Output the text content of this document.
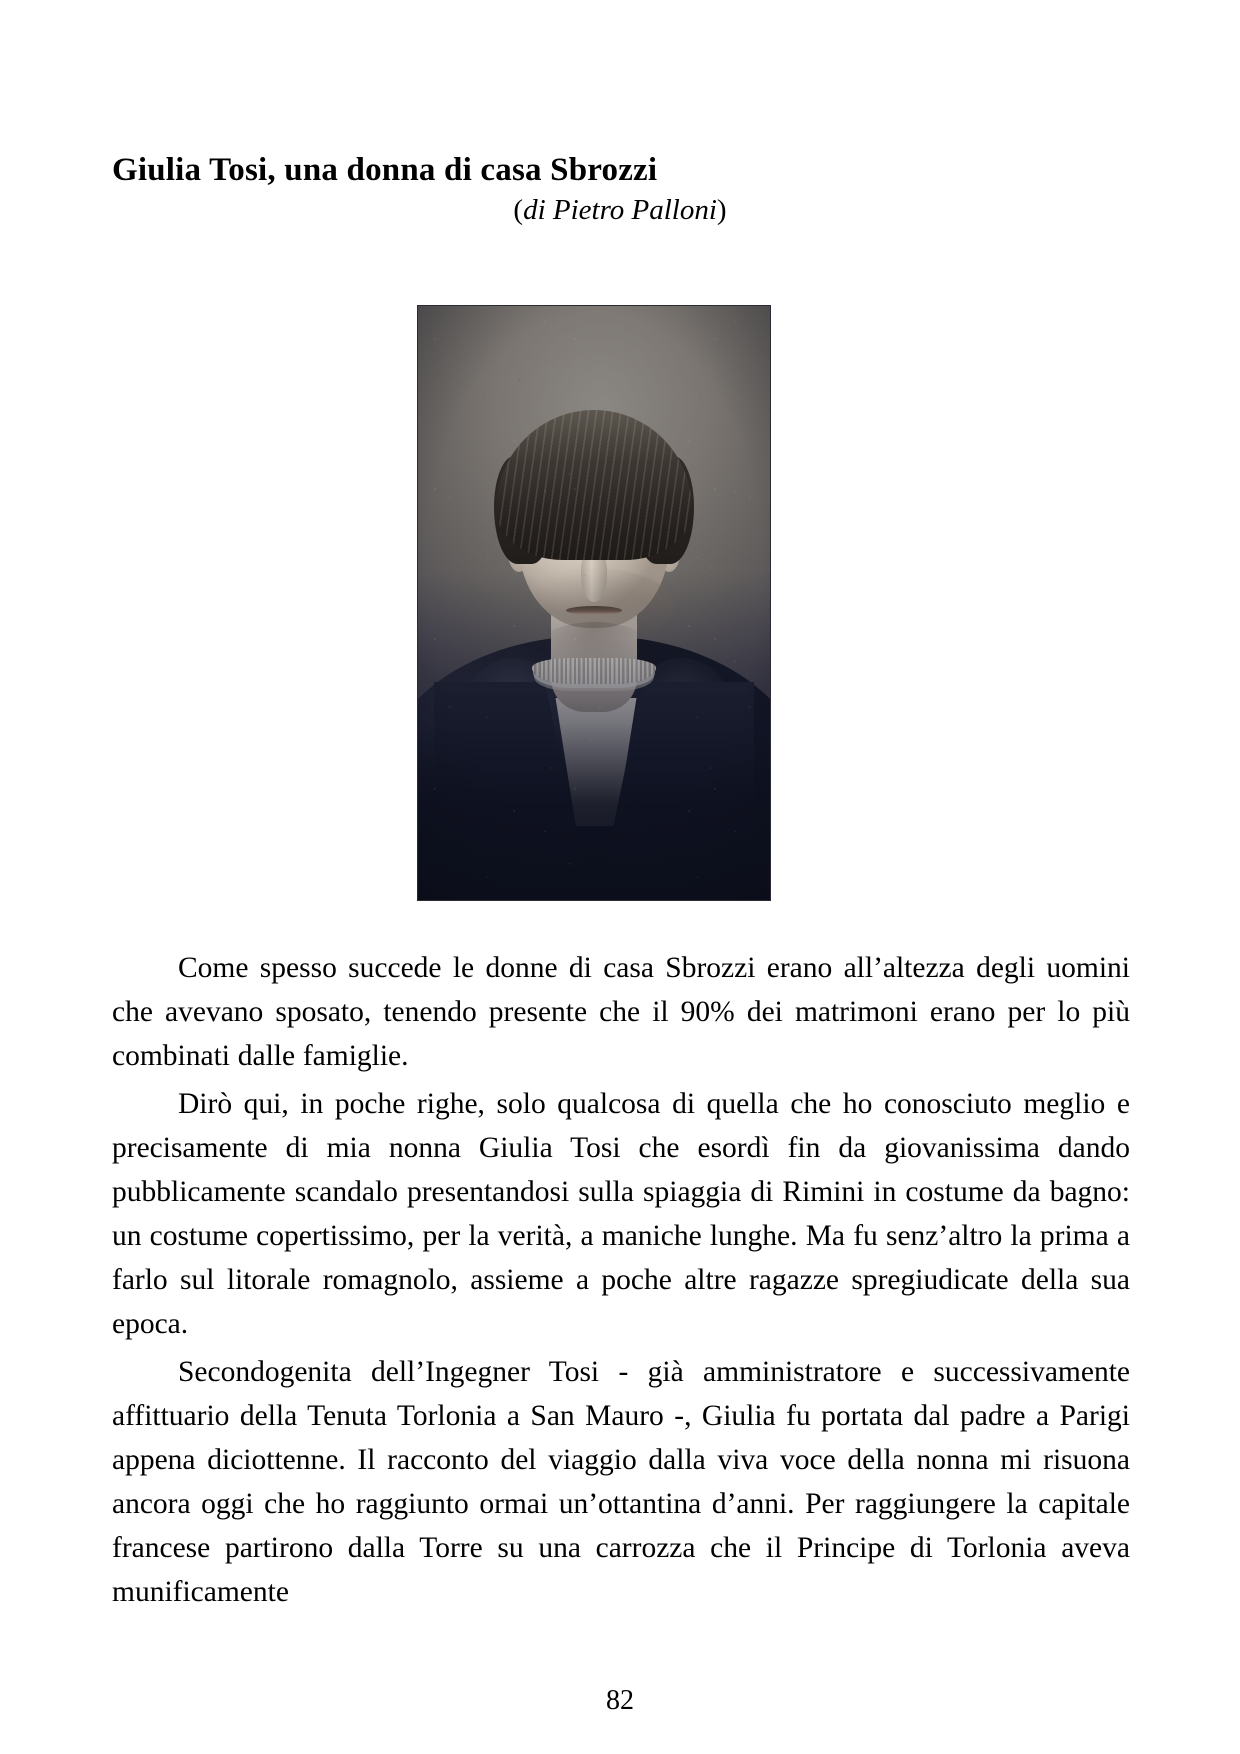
Giulia Tosi, una donna di casa Sbrozzi
(di Pietro Palloni)

Come spesso succede le donne di casa Sbrozzi erano all’altezza degli uomini che avevano sposato, tenendo presente che il 90% dei matrimoni erano per lo più combinati dalle famiglie.

Dirò qui, in poche righe, solo qualcosa di quella che ho conosciuto meglio e precisamente di mia nonna Giulia Tosi che esordì fin da giovanissima dando pubblicamente scandalo presentandosi sulla spiaggia di Rimini in costume da bagno: un costume copertissimo, per la verità, a maniche lunghe. Ma fu senz’altro la prima a farlo sul litorale romagnolo, assieme a poche altre ragazze spregiudicate della sua epoca.

Secondogenita dell’Ingegner Tosi - già amministratore e successivamente affittuario della Tenuta Torlonia a San Mauro -, Giulia fu portata dal padre a Parigi appena diciottenne. Il racconto del viaggio dalla viva voce della nonna mi risuona ancora oggi che ho raggiunto ormai un’ottantina d’anni. Per raggiungere la capitale francese partirono dalla Torre su una carrozza che il Principe di Torlonia aveva munificamente

82
